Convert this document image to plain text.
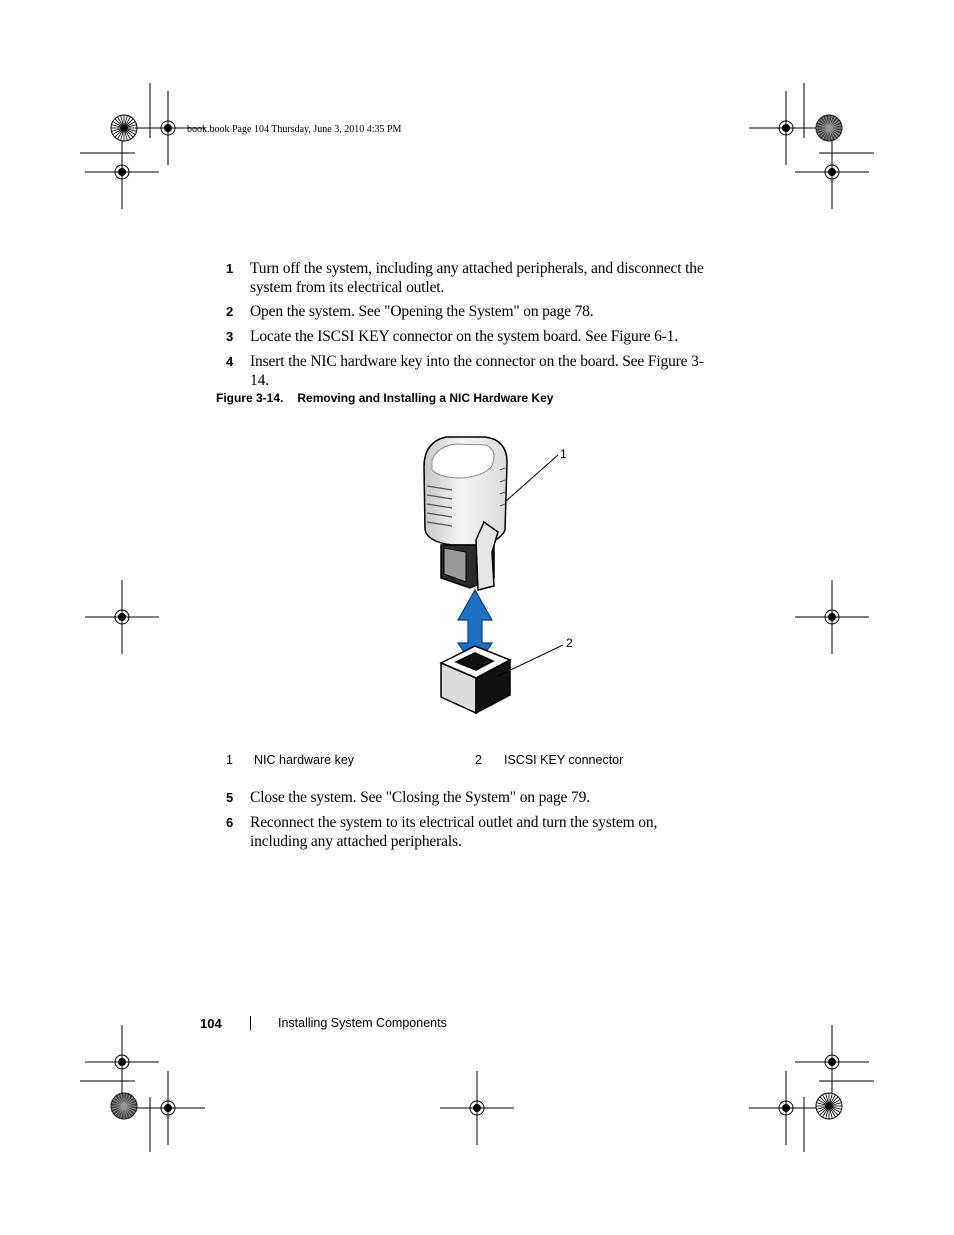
book.book Page 104 Thursday, June 3, 2010 4:35 PM
1 Turn off the system, including any attached peripherals, and disconnect the system from its electrical outlet.
2 Open the system. See "Opening the System" on page 78.
3 Locate the ISCSI KEY connector on the system board. See Figure 6-1.
4 Insert the NIC hardware key into the connector on the board. See Figure 3-14.
Figure 3-14. Removing and Installing a NIC Hardware Key
1
2
1 NIC hardware key	2 ISCSI KEY connector
5 Close the system. See "Closing the System" on page 79.
6 Reconnect the system to its electrical outlet and turn the system on, including any attached peripherals.
104	Installing System Components
